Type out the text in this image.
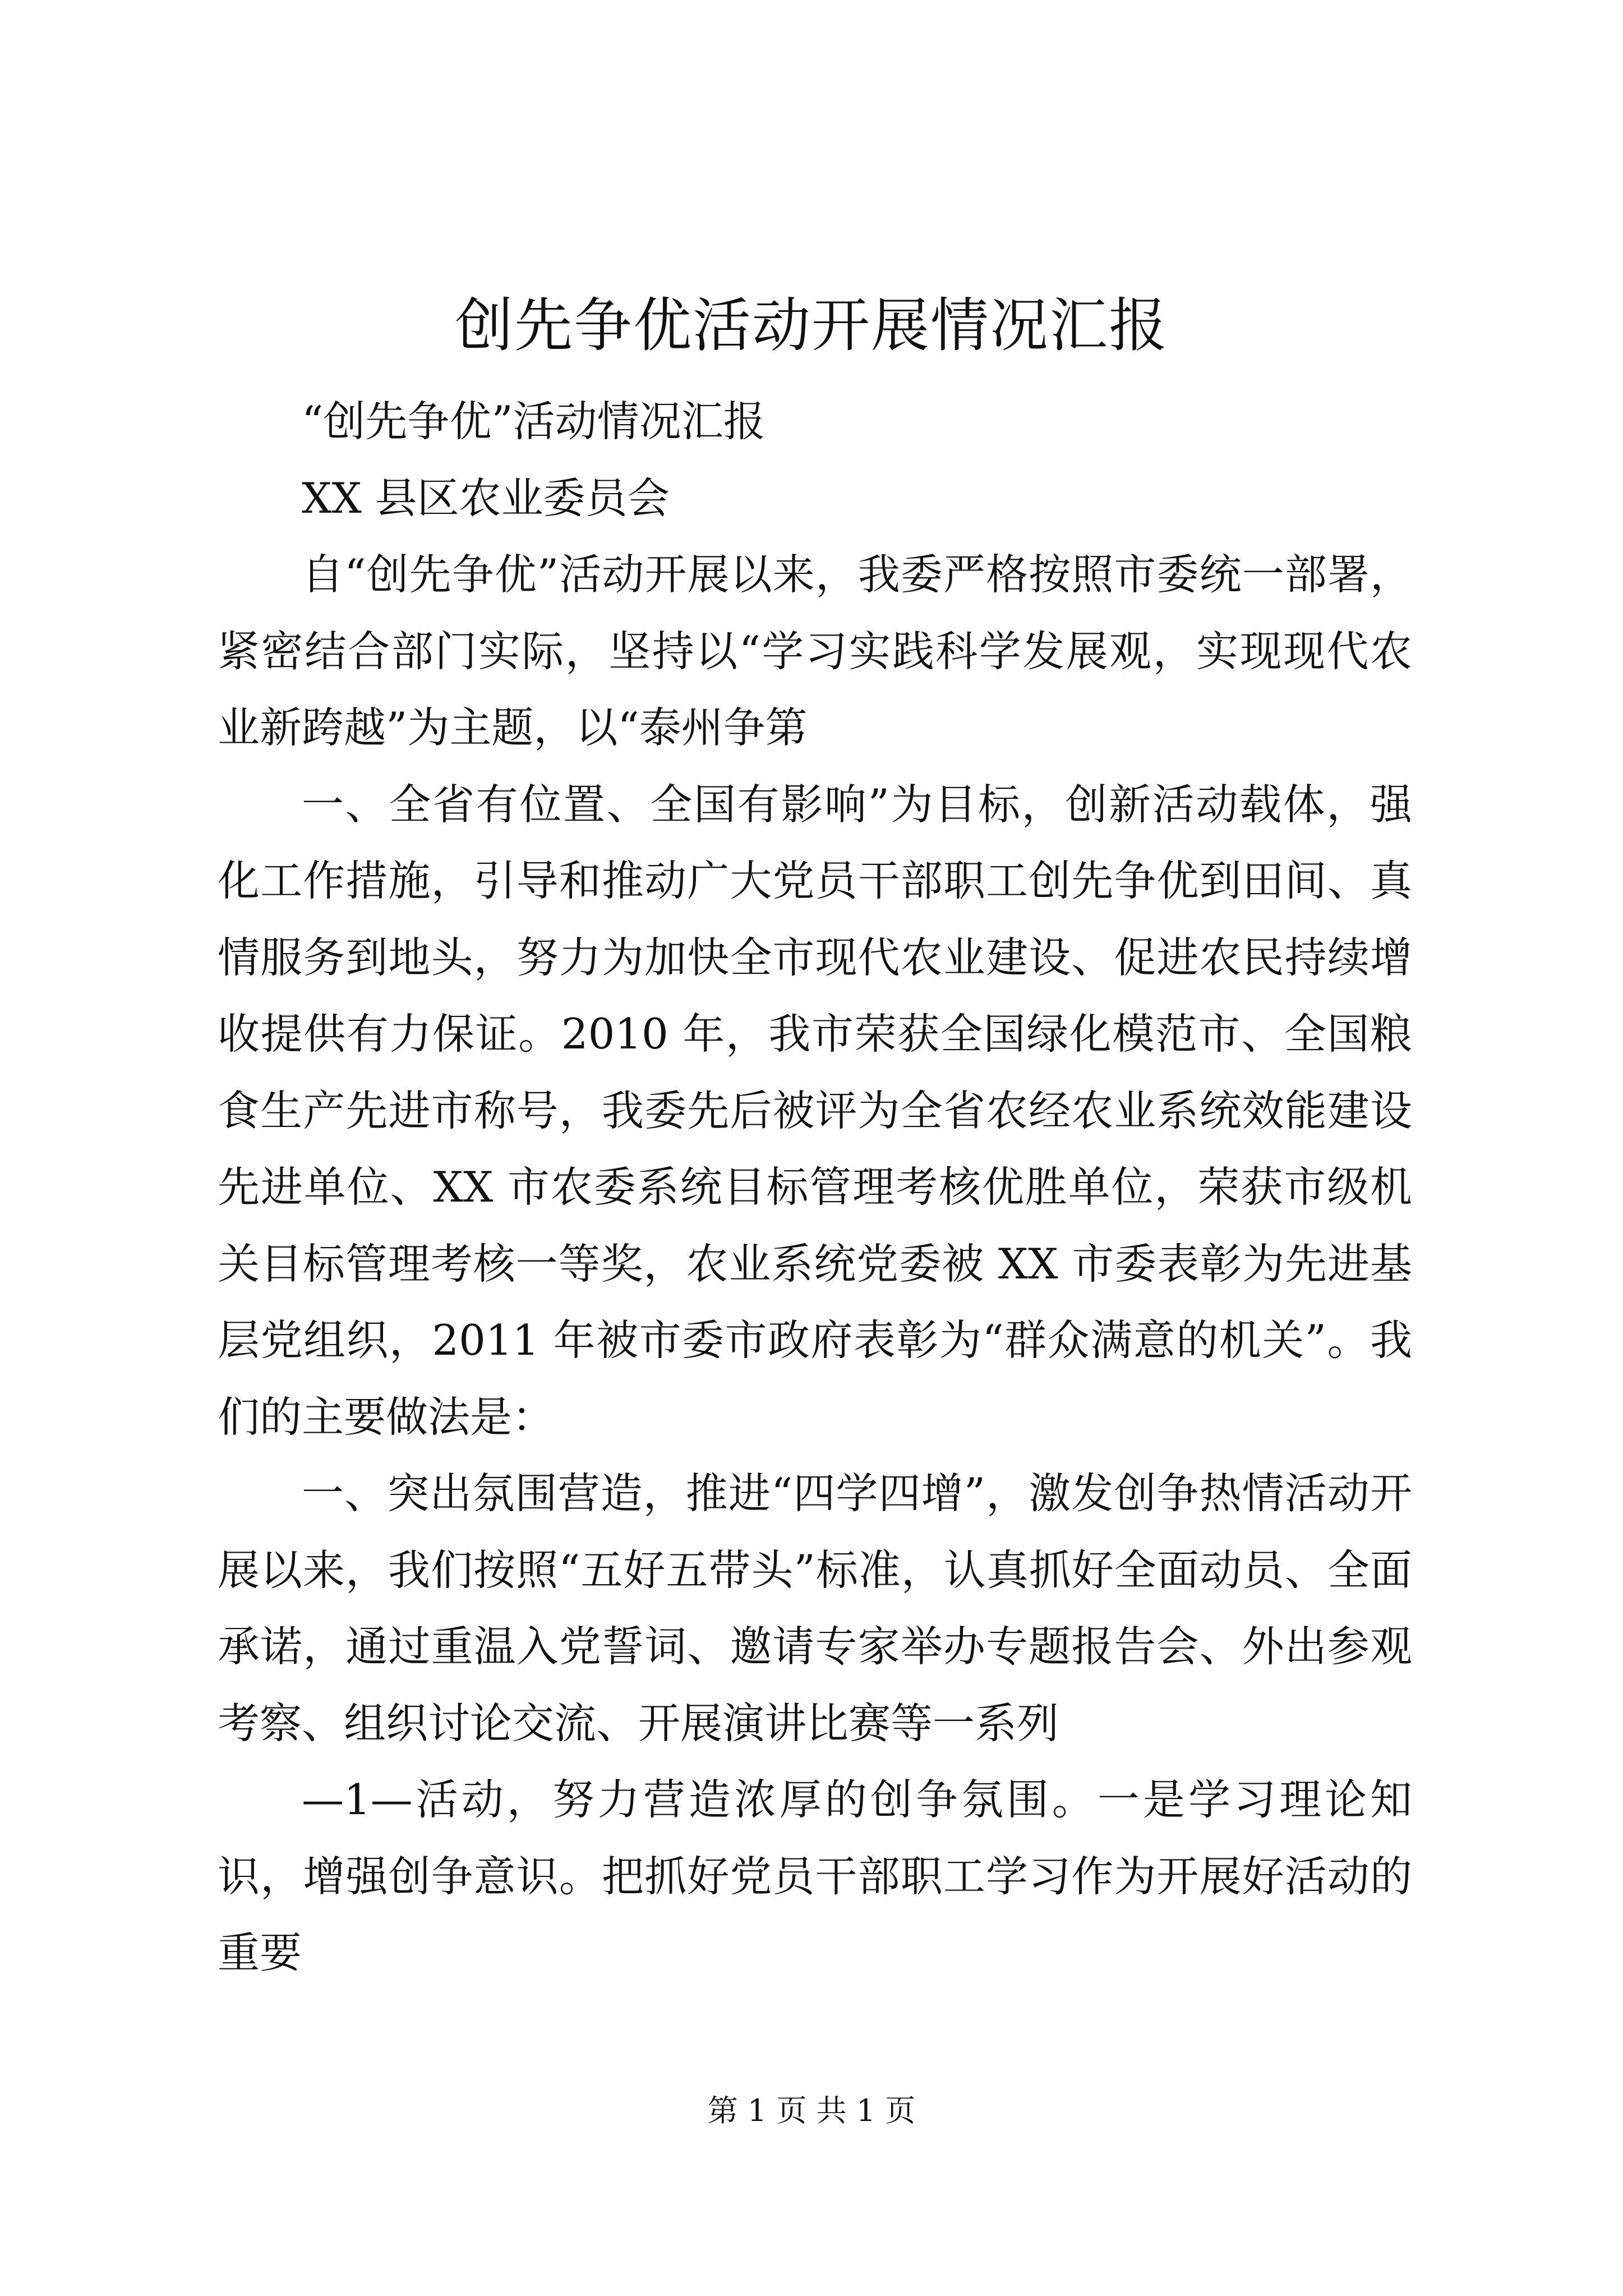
创先争优活动开展情况汇报

“创先争优”活动情况汇报

XX 县区农业委员会

自“创先争优”活动开展以来，我委严格按照市委统一部署，紧密结合部门实际，坚持以“学习实践科学发展观，实现现代农业新跨越”为主题，以“泰州争第

一、全省有位置、全国有影响”为目标，创新活动载体，强化工作措施，引导和推动广大党员干部职工创先争优到田间、真情服务到地头，努力为加快全市现代农业建设、促进农民持续增收提供有力保证。2010 年，我市荣获全国绿化模范市、全国粮食生产先进市称号，我委先后被评为全省农经农业系统效能建设先进单位、XX 市农委系统目标管理考核优胜单位，荣获市级机关目标管理考核一等奖，农业系统党委被 XX 市委表彰为先进基层党组织，2011 年被市委市政府表彰为“群众满意的机关”。我们的主要做法是：

一、突出氛围营造，推进“四学四增”，激发创争热情活动开展以来，我们按照“五好五带头”标准，认真抓好全面动员、全面承诺，通过重温入党誓词、邀请专家举办专题报告会、外出参观考察、组织讨论交流、开展演讲比赛等一系列

—1—活动，努力营造浓厚的创争氛围。一是学习理论知识，增强创争意识。把抓好党员干部职工学习作为开展好活动的重要

第 1 页 共 1 页
